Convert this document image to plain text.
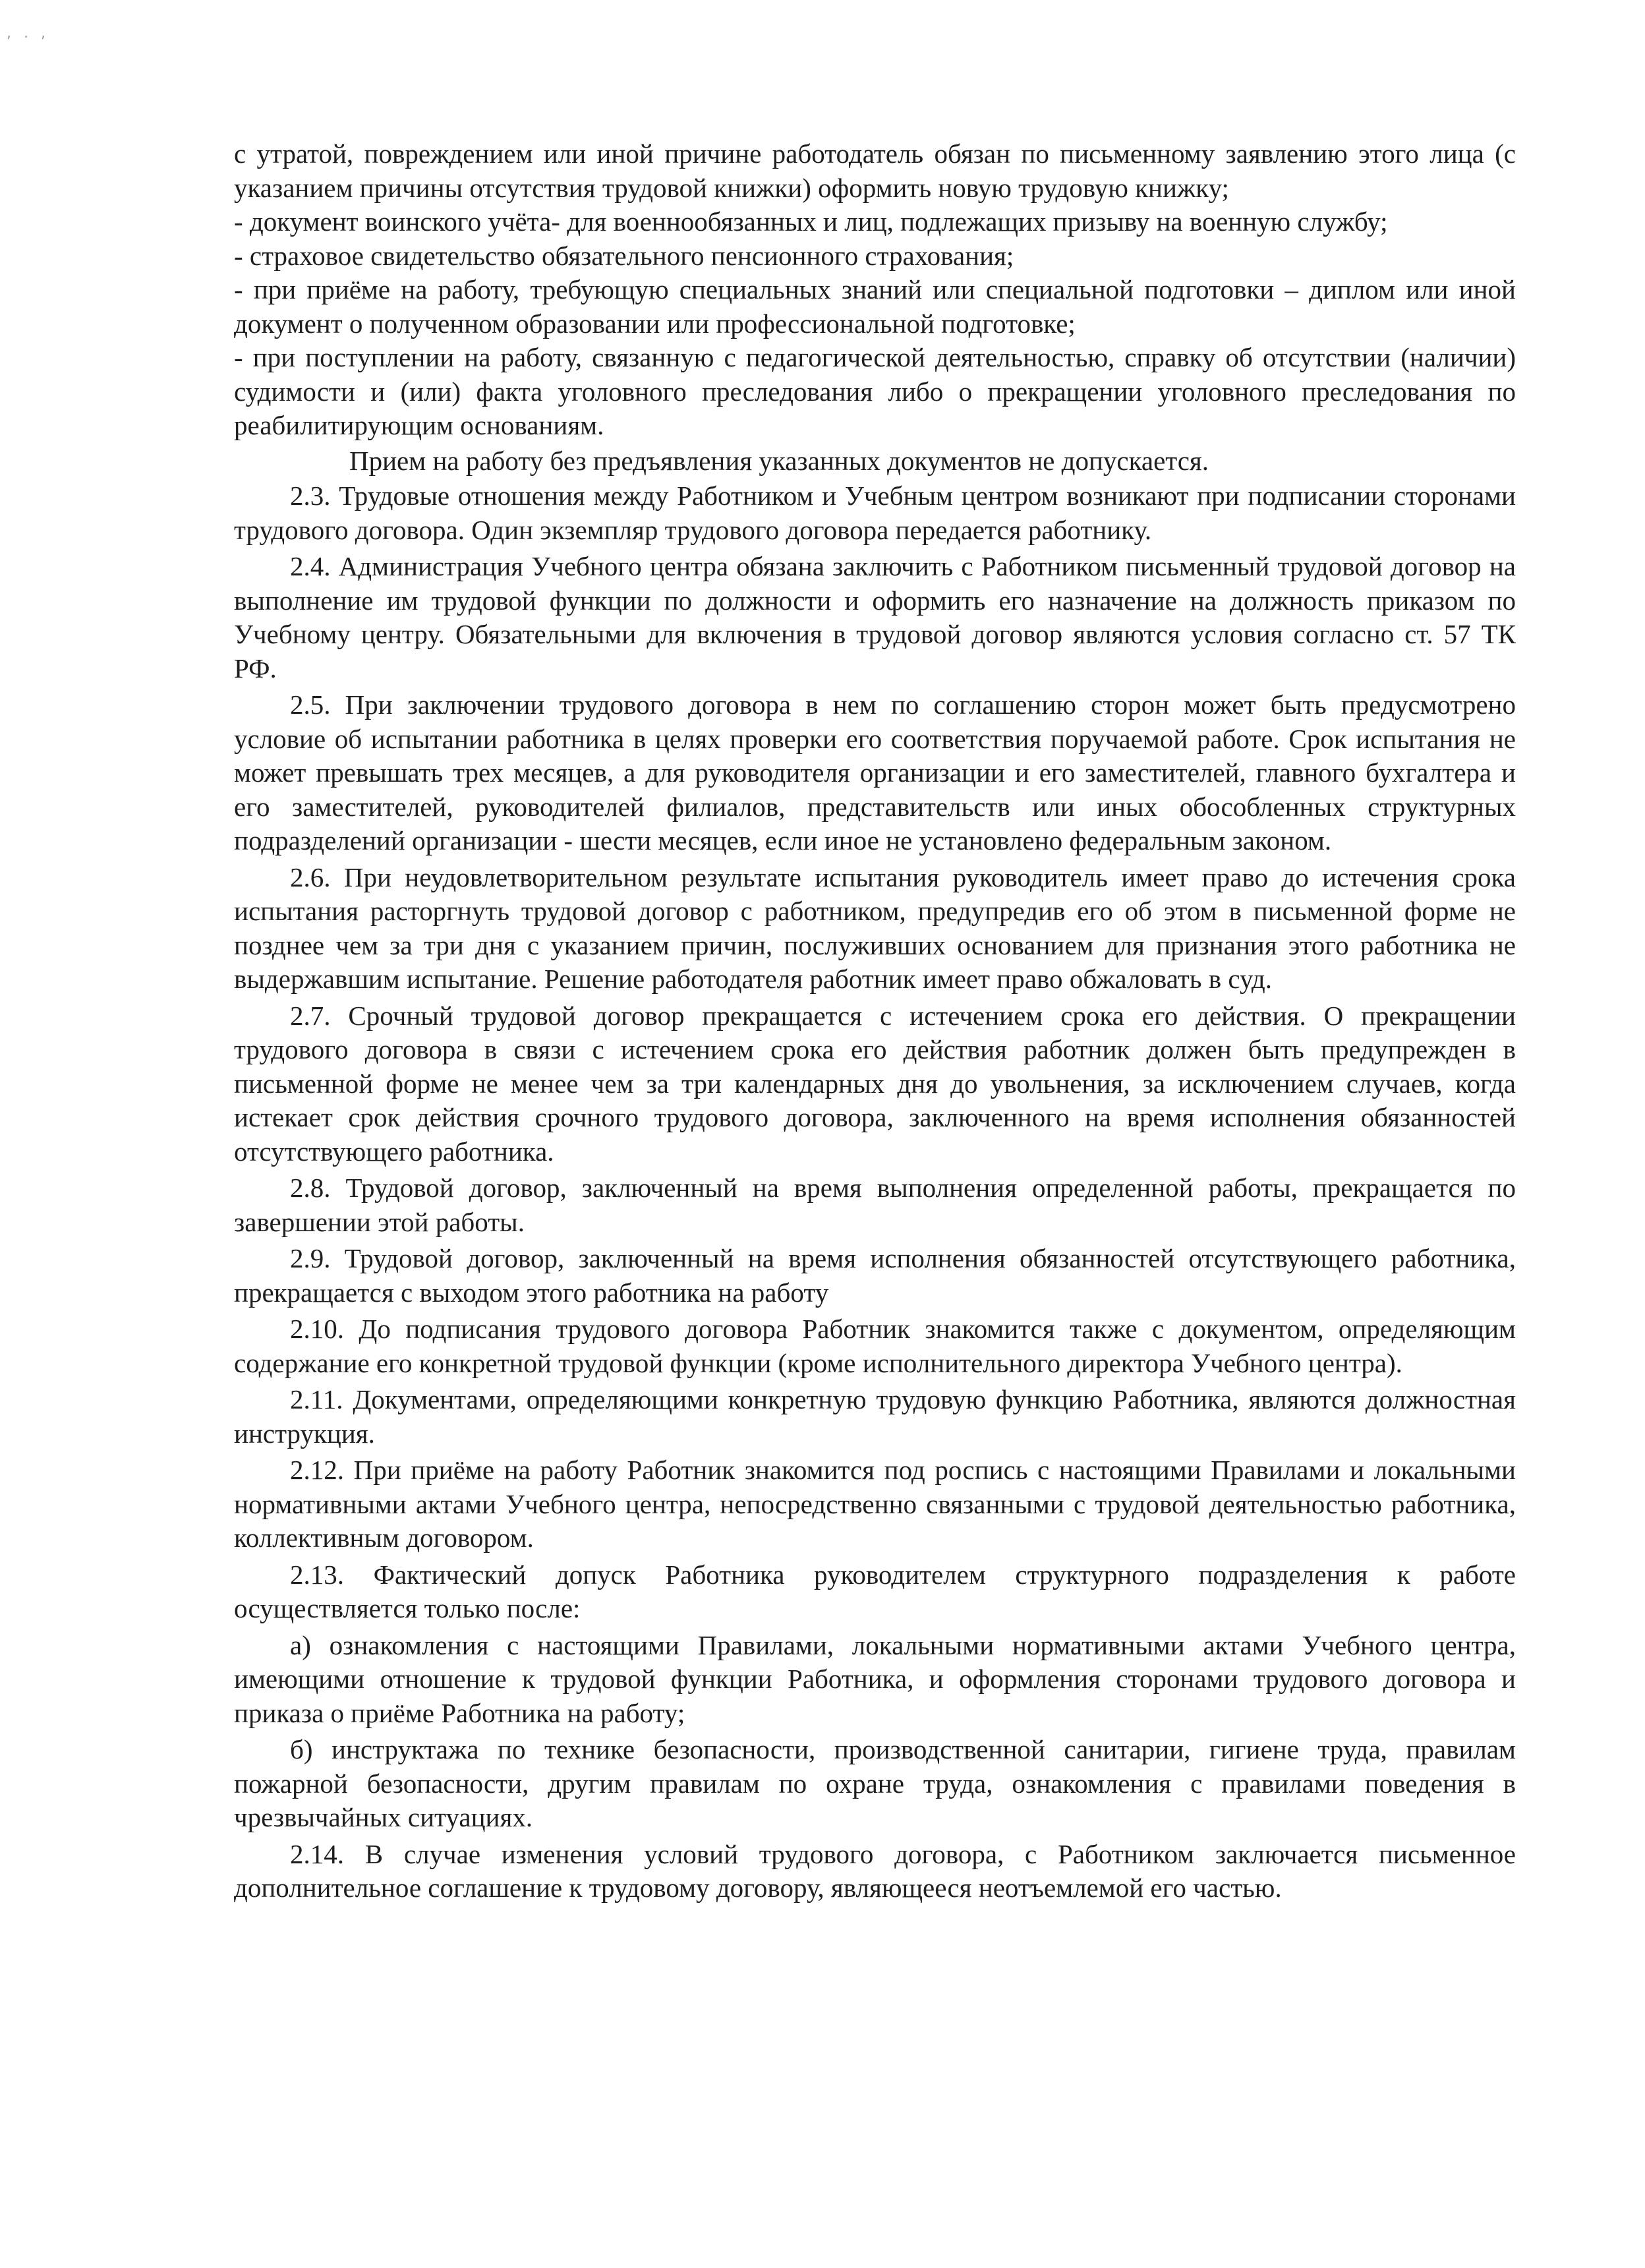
, . ,

с утратой, повреждением или иной причине работодатель обязан по письменному заявлению этого лица (с указанием причины отсутствия трудовой книжки) оформить новую трудовую книжку;

- документ воинского учёта- для военнообязанных и лиц, подлежащих призыву на военную службу;

- страховое свидетельство обязательного пенсионного страхования;

- при приёме на работу, требующую специальных знаний или специальной подготовки – диплом или иной документ о полученном образовании или профессиональной подготовке;

- при поступлении на работу, связанную с педагогической деятельностью, справку об отсутствии (наличии) судимости и (или) факта уголовного преследования либо о прекращении уголовного преследования по реабилитирующим основаниям.

Прием на работу без предъявления указанных документов не допускается.

2.3. Трудовые отношения между Работником и Учебным центром возникают при подписании сторонами трудового договора. Один экземпляр трудового договора передается работнику.

2.4. Администрация Учебного центра обязана заключить с Работником письменный трудовой договор на выполнение им трудовой функции по должности и оформить его назначение на должность приказом по Учебному центру. Обязательными для включения в трудовой договор являются условия согласно ст. 57 ТК РФ.

2.5. При заключении трудового договора в нем по соглашению сторон может быть предусмотрено условие об испытании работника в целях проверки его соответствия поручаемой работе. Срок испытания не может превышать трех месяцев, а для руководителя организации и его заместителей, главного бухгалтера и его заместителей, руководителей филиалов, представительств или иных обособленных структурных подразделений организации - шести месяцев, если иное не установлено федеральным законом.

2.6. При неудовлетворительном результате испытания руководитель имеет право до истечения срока испытания расторгнуть трудовой договор с работником, предупредив его об этом в письменной форме не позднее чем за три дня с указанием причин, послуживших основанием для признания этого работника не выдержавшим испытание. Решение работодателя работник имеет право обжаловать в суд.

2.7. Срочный трудовой договор прекращается с истечением срока его действия. О прекращении трудового договора в связи с истечением срока его действия работник должен быть предупрежден в письменной форме не менее чем за три календарных дня до увольнения, за исключением случаев, когда истекает срок действия срочного трудового договора, заключенного на время исполнения обязанностей отсутствующего работника.

2.8. Трудовой договор, заключенный на время выполнения определенной работы, прекращается по завершении этой работы.

2.9. Трудовой договор, заключенный на время исполнения обязанностей отсутствующего работника, прекращается с выходом этого работника на работу

2.10. До подписания трудового договора Работник знакомится также с документом, определяющим содержание его конкретной трудовой функции (кроме исполнительного директора Учебного центра).

2.11. Документами, определяющими конкретную трудовую функцию Работника, являются должностная инструкция.

2.12. При приёме на работу Работник знакомится под роспись с настоящими Правилами и локальными нормативными актами Учебного центра, непосредственно связанными с трудовой деятельностью работника, коллективным договором.

2.13. Фактический допуск Работника руководителем структурного подразделения к работе осуществляется только после:

а) ознакомления с настоящими Правилами, локальными нормативными актами Учебного центра, имеющими отношение к трудовой функции Работника, и оформления сторонами трудового договора и приказа о приёме Работника на работу;

б) инструктажа по технике безопасности, производственной санитарии, гигиене труда, правилам пожарной безопасности, другим правилам по охране труда, ознакомления с правилами поведения в чрезвычайных ситуациях.

2.14. В случае изменения условий трудового договора, с Работником заключается письменное дополнительное соглашение к трудовому договору, являющееся неотъемлемой его частью.
